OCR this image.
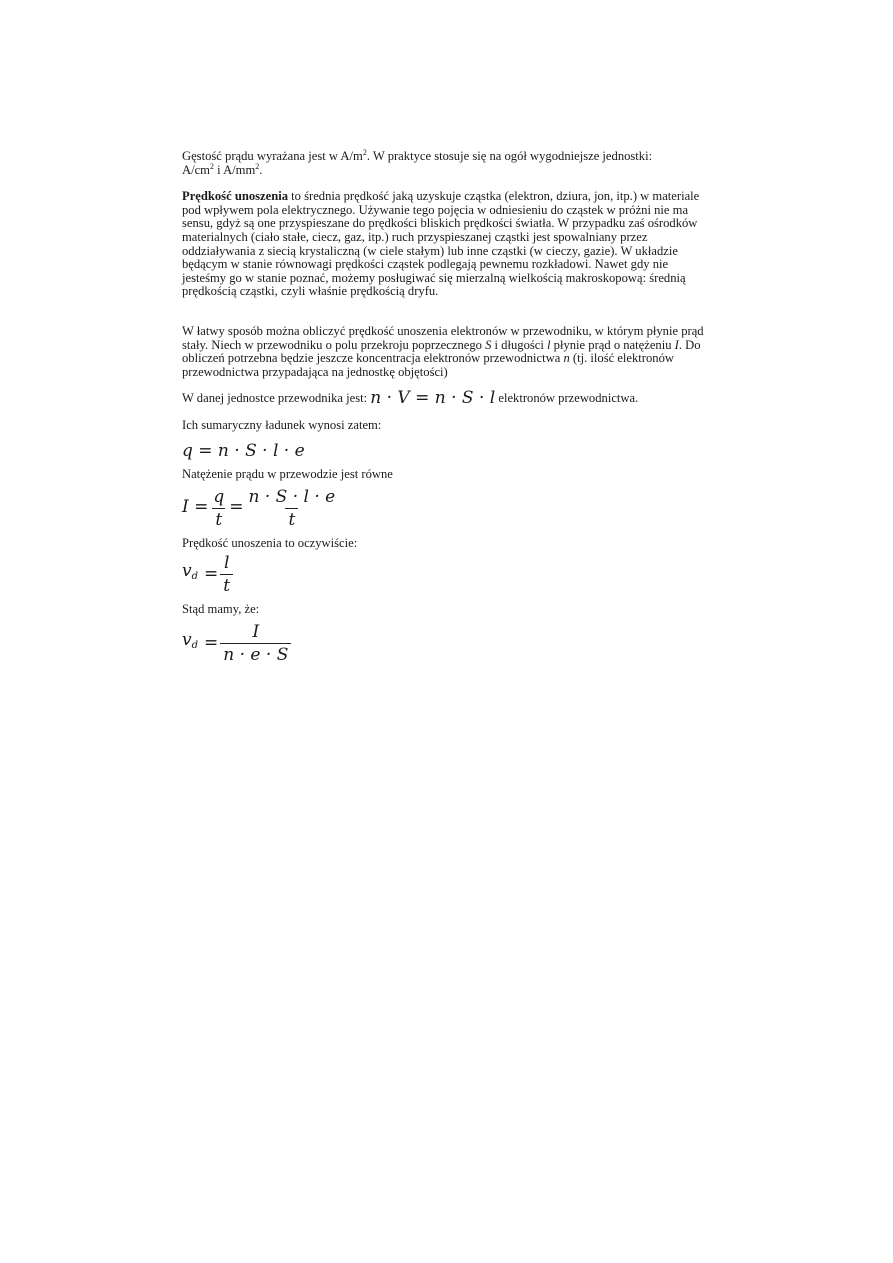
Gęstość prądu wyrażana jest w $A/m^2$. W praktyce stosuje się na ogół wygodniejsze jednostki:
$A/cm^2$ i $A/mm^2$.

Prędkość unoszenia to średnia prędkość jaką uzyskuje cząstka (elektron, dziura, jon, itp.) w materiale pod wpływem pola elektrycznego. Używanie tego pojęcia w odniesieniu do cząstek w próżni nie ma sensu, gdyż są one przyspieszane do prędkości bliskich prędkości światła. W przypadku zaś ośrodków materialnych (ciało stałe, ciecz, gaz, itp.) ruch przyspieszanej cząstki jest spowalniany przez oddziaływania z siecią krystaliczną (w ciele stałym) lub inne cząstki (w cieczy, gazie). W układzie będącym w stanie równowagi prędkości cząstek podlegają pewnemu rozkładowi. Nawet gdy nie jesteśmy go w stanie poznać, możemy posługiwać się mierzalną wielkością makroskopową: średnią prędkością cząstki, czyli właśnie prędkością dryfu.

W łatwy sposób można obliczyć prędkość unoszenia elektronów w przewodniku, w którym płynie prąd stały. Niech w przewodniku o polu przekroju poprzecznego S i długości l płynie prąd o natężeniu I. Do obliczeń potrzebna będzie jeszcze koncentracja elektronów przewodnictwa n (tj. ilość elektronów przewodnictwa przypadająca na jednostkę objętości)

W danej jednostce przewodnika jest: n · V = n · S · l elektronów przewodnictwa.

Ich sumaryczny ładunek wynosi zatem:

q = n · S · l · e

Natężenie prądu w przewodzie jest równe

$I = \frac{q}{t} = \frac{n \cdot S \cdot l \cdot e}{t}$

Prędkość unoszenia to oczywiście:

$v_d = \frac{l}{t}$

Stąd mamy, że:

$v_d = \frac{I}{n \cdot e \cdot S}$
